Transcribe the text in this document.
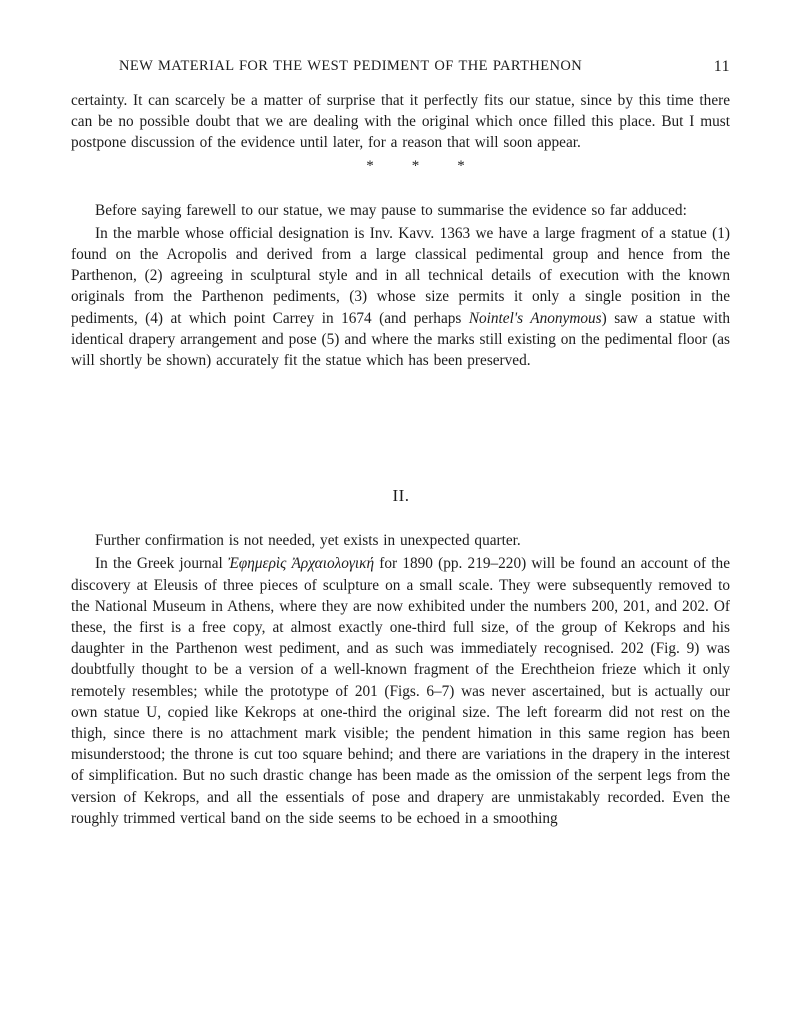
NEW MATERIAL FOR THE WEST PEDIMENT OF THE PARTHENON	11

certainty. It can scarcely be a matter of surprise that it perfectly fits our statue, since by this time there can be no possible doubt that we are dealing with the original which once filled this place. But I must postpone discussion of the evidence until later, for a reason that will soon appear.

*	*	*

Before saying farewell to our statue, we may pause to summarise the evidence so far adduced:

In the marble whose official designation is Inv. Kavv. 1363 we have a large fragment of a statue (1) found on the Acropolis and derived from a large classical pedimental group and hence from the Parthenon, (2) agreeing in sculptural style and in all technical details of execution with the known originals from the Parthenon pediments, (3) whose size permits it only a single position in the pediments, (4) at which point Carrey in 1674 (and perhaps Nointel's Anonymous) saw a statue with identical drapery arrangement and pose (5) and where the marks still existing on the pedimental floor (as will shortly be shown) accurately fit the statue which has been preserved.

II.

Further confirmation is not needed, yet exists in unexpected quarter.

In the Greek journal Ἐφημερὶς Ἀρχαιολογική for 1890 (pp. 219–220) will be found an account of the discovery at Eleusis of three pieces of sculpture on a small scale. They were subsequently removed to the National Museum in Athens, where they are now exhibited under the numbers 200, 201, and 202. Of these, the first is a free copy, at almost exactly one-third full size, of the group of Kekrops and his daughter in the Parthenon west pediment, and as such was immediately recognised. 202 (Fig. 9) was doubtfully thought to be a version of a well-known fragment of the Erechtheion frieze which it only remotely resembles; while the prototype of 201 (Figs. 6–7) was never ascertained, but is actually our own statue U, copied like Kekrops at one-third the original size. The left forearm did not rest on the thigh, since there is no attachment mark visible; the pendent himation in this same region has been misunderstood; the throne is cut too square behind; and there are variations in the drapery in the interest of simplification. But no such drastic change has been made as the omission of the serpent legs from the version of Kekrops, and all the essentials of pose and drapery are unmistakably recorded. Even the roughly trimmed vertical band on the side seems to be echoed in a smoothing
